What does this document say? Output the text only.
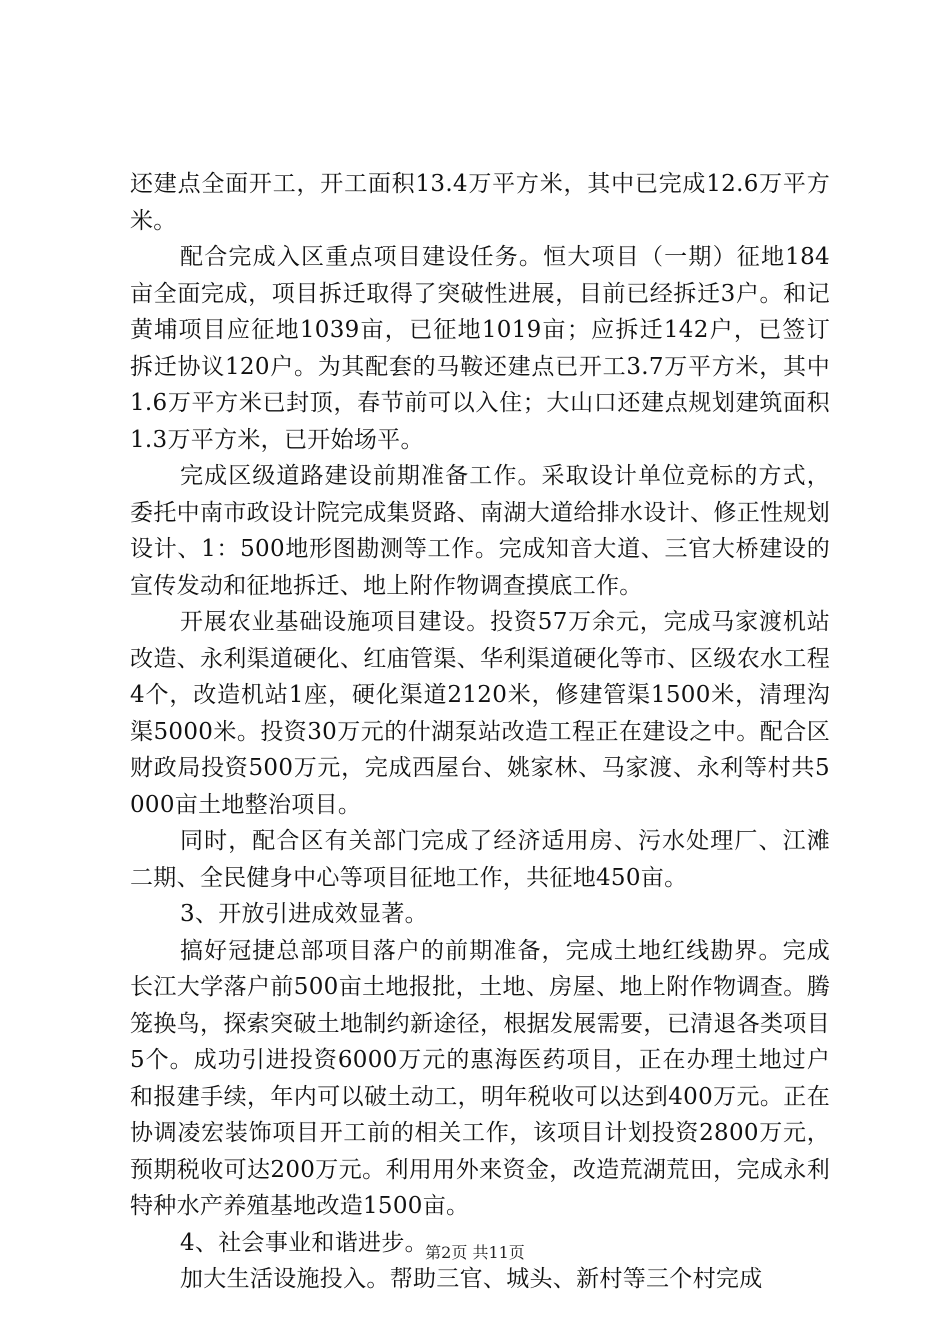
还建点全面开工，开工面积13.4万平方米，其中已完成12.6万平方米。

配合完成入区重点项目建设任务。恒大项目（一期）征地184亩全面完成，项目拆迁取得了突破性进展，目前已经拆迁3户。和记黄埔项目应征地1039亩，已征地1019亩；应拆迁142户，已签订拆迁协议120户。为其配套的马鞍还建点已开工3.7万平方米，其中1.6万平方米已封顶，春节前可以入住；大山口还建点规划建筑面积1.3万平方米，已开始场平。

完成区级道路建设前期准备工作。采取设计单位竞标的方式，委托中南市政设计院完成集贤路、南湖大道给排水设计、修正性规划设计、1：500地形图勘测等工作。完成知音大道、三官大桥建设的宣传发动和征地拆迁、地上附作物调查摸底工作。

开展农业基础设施项目建设。投资57万余元，完成马家渡机站改造、永利渠道硬化、红庙管渠、华利渠道硬化等市、区级农水工程4个，改造机站1座，硬化渠道2120米，修建管渠1500米，清理沟渠5000米。投资30万元的什湖泵站改造工程正在建设之中。配合区财政局投资500万元，完成西屋台、姚家林、马家渡、永利等村共5000亩土地整治项目。

同时，配合区有关部门完成了经济适用房、污水处理厂、江滩二期、全民健身中心等项目征地工作，共征地450亩。

3、开放引进成效显著。

搞好冠捷总部项目落户的前期准备，完成土地红线勘界。完成长江大学落户前500亩土地报批，土地、房屋、地上附作物调查。腾笼换鸟，探索突破土地制约新途径，根据发展需要，已清退各类项目5个。成功引进投资6000万元的惠海医药项目，正在办理土地过户和报建手续，年内可以破土动工，明年税收可以达到400万元。正在协调凌宏装饰项目开工前的相关工作，该项目计划投资2800万元，预期税收可达200万元。利用用外来资金，改造荒湖荒田，完成永利特种水产养殖基地改造1500亩。

4、社会事业和谐进步。

加大生活设施投入。帮助三官、城头、新村等三个村完成

第2页 共11页
